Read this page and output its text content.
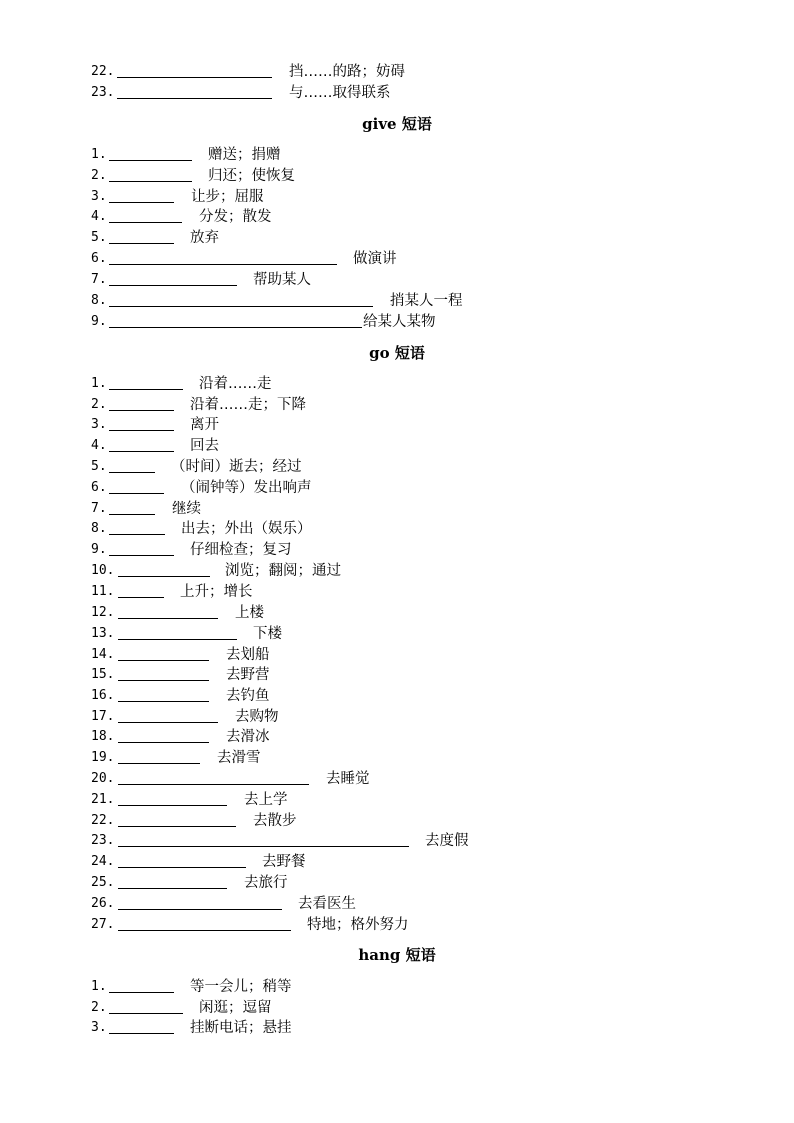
22.	挡……的路；妨碍
23.	与……取得联系
give 短语
1.	赠送；捐赠
2.	归还；使恢复
3.	让步；屈服
4.	分发；散发
5.	放弃
6.	做演讲
7.	帮助某人
8.	捎某人一程
9.	给某人某物
go 短语
1.	沿着……走
2.	沿着……走；下降
3.	离开
4.	回去
5.	（时间）逝去；经过
6.	（闹钟等）发出响声
7.	继续
8.	出去；外出（娱乐）
9.	仔细检查；复习
10.	浏览；翻阅；通过
11.	上升；增长
12.	上楼
13.	下楼
14.	去划船
15.	去野营
16.	去钓鱼
17.	去购物
18.	去滑冰
19.	去滑雪
20.	去睡觉
21.	去上学
22.	去散步
23.	去度假
24.	去野餐
25.	去旅行
26.	去看医生
27.	特地；格外努力
hang 短语
1.	等一会儿；稍等
2.	闲逛；逗留
3.	挂断电话；悬挂
